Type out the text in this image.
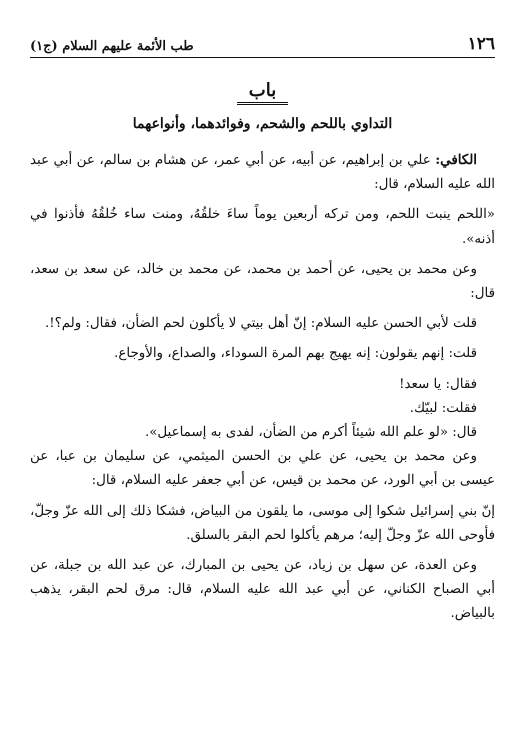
١٢٦
طب الأئمة عليهم السلام (ج١)
باب
التداوي باللحم والشحم، وفوائدهما، وأنواعهما

الكافي: علي بن إبراهيم، عن أبيه، عن أبي عمر، عن هشام بن سالم، عن أبي عبد الله عليه السلام، قال:

«اللحم ينبت اللحم، ومن تركه أربعين يوماً ساءَ خلقُهُ، ومنت ساء خُلقُهُ فأذنوا في أذنه».

وعن محمد بن يحيى، عن أحمد بن محمد، عن محمد بن خالد، عن سعد بن سعد، قال:

قلت لأبي الحسن عليه السلام: إنّ أهل بيتي لا يأكلون لحم الضأن، فقال: ولم؟!.

قلت: إنهم يقولون: إنه يهيج بهم المرة السوداء، والصداع، والأوجاع.

فقال: يا سعد!

فقلت: لبيّك.

قال: «لو علم الله شيئاً أكرم من الضأن، لفدى به إسماعيل».

وعن محمد بن يحيى، عن علي بن الحسن الميثمي، عن سليمان بن عبا، عن عيسى بن أبي الورد، عن محمد بن قيس، عن أبي جعفر عليه السلام، قال:

إنّ بني إسرائيل شكوا إلى موسى، ما يلقون من البياض، فشكا ذلك إلى الله عزّ وجلّ، فأوحى الله عزّ وجلّ إليه؛ مرهم يأكلوا لحم البقر بالسلق.

وعن العدة، عن سهل بن زياد، عن يحيى بن المبارك، عن عبد الله بن جبلة، عن أبي الصباح الكناني، عن أبي عبد الله عليه السلام، قال: مرق لحم البقر، يذهب بالبياض.
